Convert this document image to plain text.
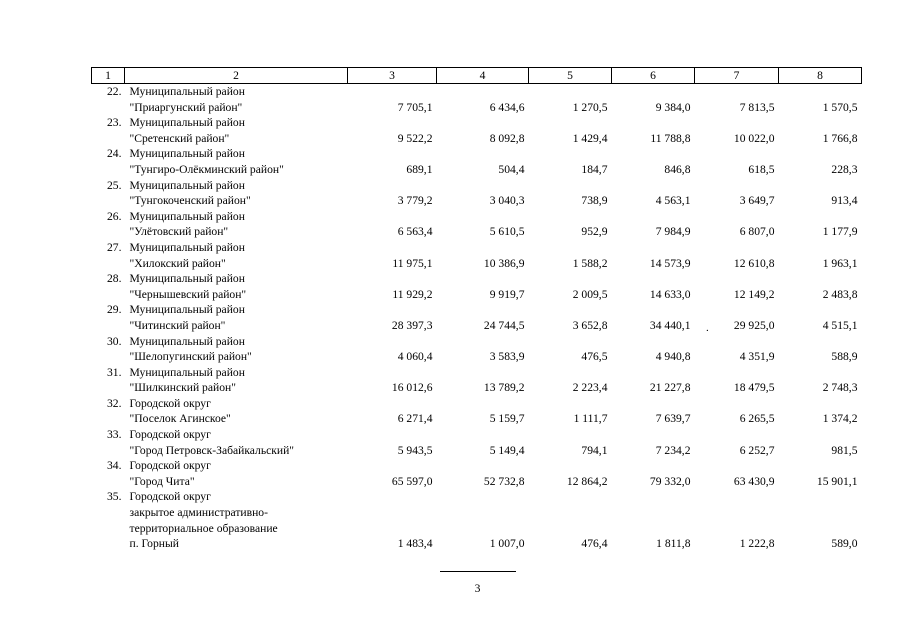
1	2	3	4	5	6	7	8
22.	Муниципальный район
"Приаргунский район"	7 705,1	6 434,6	1 270,5	9 384,0	7 813,5	1 570,5
23.	Муниципальный район
"Сретенский район"	9 522,2	8 092,8	1 429,4	11 788,8	10 022,0	1 766,8
24.	Муниципальный район
"Тунгиро-Олёкминский район"	689,1	504,4	184,7	846,8	618,5	228,3
25.	Муниципальный район
"Тунгокоченский район"	3 779,2	3 040,3	738,9	4 563,1	3 649,7	913,4
26.	Муниципальный район
"Улётовский район"	6 563,4	5 610,5	952,9	7 984,9	6 807,0	1 177,9
27.	Муниципальный район
"Хилокский район"	11 975,1	10 386,9	1 588,2	14 573,9	12 610,8	1 963,1
28.	Муниципальный район
"Чернышевский район"	11 929,2	9 919,7	2 009,5	14 633,0	12 149,2	2 483,8
29.	Муниципальный район
"Читинский район"	28 397,3	24 744,5	3 652,8	34 440,1	29 925,0	4 515,1
30.	Муниципальный район
"Шелопугинский район"	4 060,4	3 583,9	476,5	4 940,8	4 351,9	588,9
31.	Муниципальный район
"Шилкинский район"	16 012,6	13 789,2	2 223,4	21 227,8	18 479,5	2 748,3
32.	Городской округ
"Поселок Агинское"	6 271,4	5 159,7	1 111,7	7 639,7	6 265,5	1 374,2
33.	Городской округ
"Город Петровск-Забайкальский"	5 943,5	5 149,4	794,1	7 234,2	6 252,7	981,5
34.	Городской округ
"Город Чита"	65 597,0	52 732,8	12 864,2	79 332,0	63 430,9	15 901,1
35.	Городской округ
закрытое административно-
территориальное образование
п. Горный	1 483,4	1 007,0	476,4	1 811,8	1 222,8	589,0
.
3
